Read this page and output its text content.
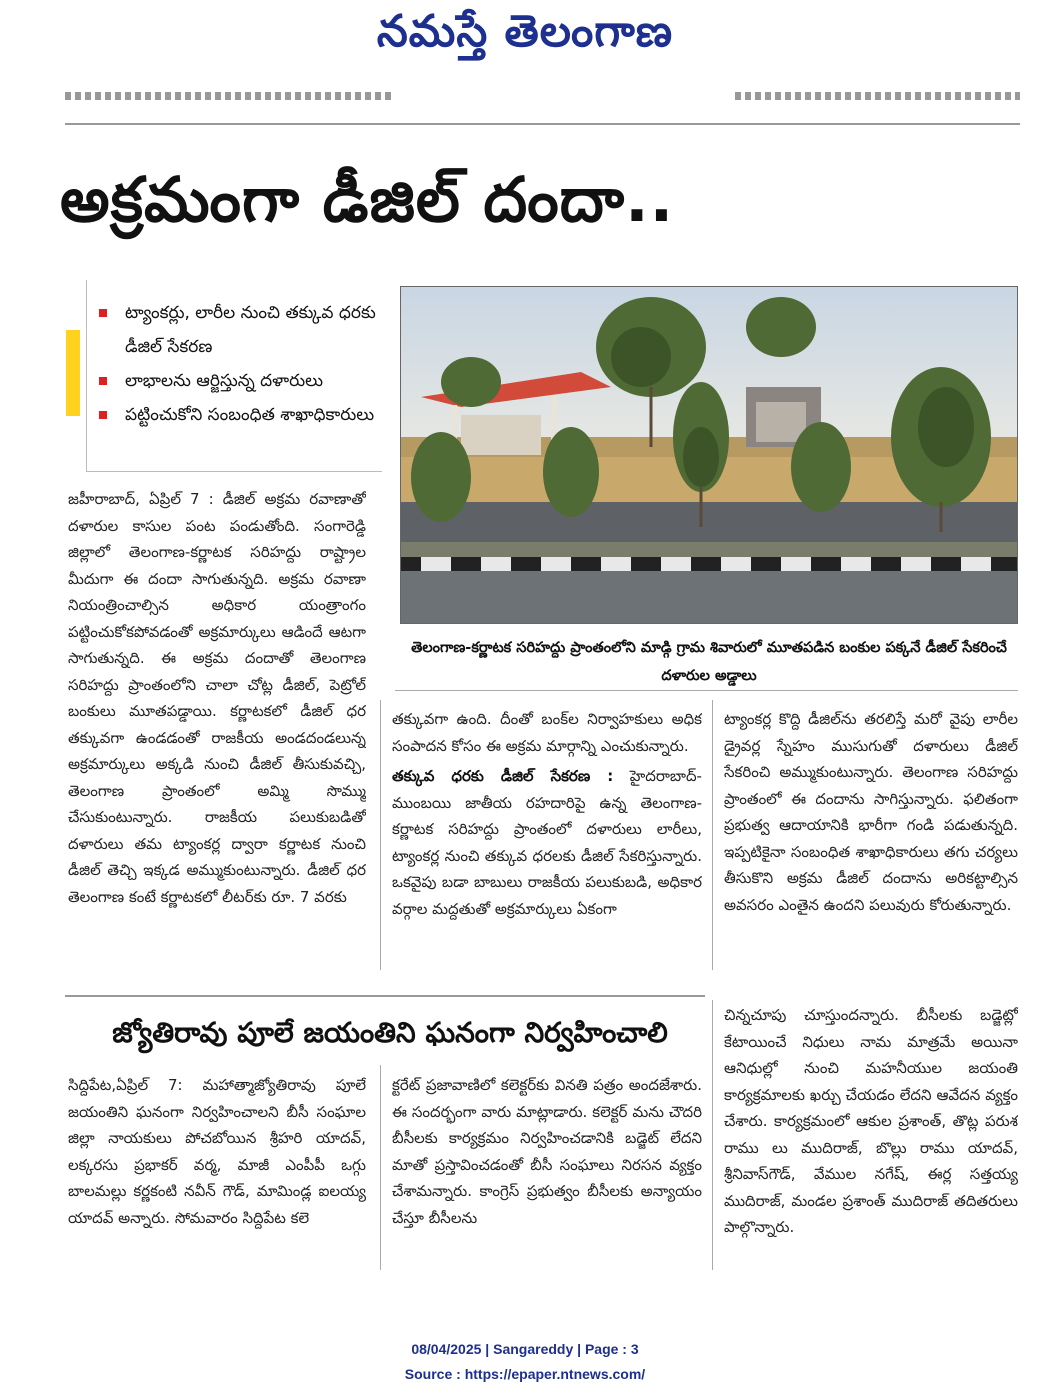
నమస్తే తెలంగాణ
అక్రమంగా డీజిల్ దందా..
ట్యాంకర్లు, లారీల నుంచి తక్కువ ధరకు డీజిల్ సేకరణ
లాభాలను ఆర్జిస్తున్న దళారులు
పట్టించుకోని సంబంధిత శాఖాధికారులు
తెలంగాణ-కర్ణాటక సరిహద్దు ప్రాంతంలోని మాడ్గి గ్రామ శివారులో మూతపడిన బంకుల పక్కనే డీజిల్ సేకరించే దళారుల అడ్డాలు

జహీరాబాద్, ఏప్రిల్ 7 : డీజిల్ అక్రమ రవాణాతో దళారుల కాసుల పంట పండుతోంది. సంగారెడ్డి జిల్లాలో తెలంగాణ-కర్ణాటక సరిహద్దు రాష్ట్రాల మీదుగా ఈ దందా సాగుతున్నది. అక్రమ రవాణా నియంత్రించాల్సిన అధికార యంత్రాంగం పట్టించుకోకపోవడంతో అక్రమార్కులు ఆడిందే ఆటగా సాగుతున్నది. ఈ అక్రమ దందాతో తెలంగాణ సరిహద్దు ప్రాంతంలోని చాలా చోట్ల డీజిల్, పెట్రోల్ బంకులు మూతపడ్డాయి. కర్ణాటకలో డీజిల్ ధర తక్కువగా ఉండడంతో రాజకీయ అండదండలున్న అక్రమార్కులు అక్కడి నుంచి డీజిల్ తీసుకువచ్చి, తెలంగాణ ప్రాంతంలో అమ్మి సొమ్ము చేసుకుంటున్నారు. రాజకీయ పలుకుబడితో దళారులు తమ ట్యాంకర్ల ద్వారా కర్ణాటక నుంచి డీజిల్ తెచ్చి ఇక్కడ అమ్ముకుంటున్నారు. డీజిల్ ధర తెలంగాణ కంటే కర్ణాటకలో లీటర్‌కు రూ. 7 వరకు

తక్కువగా ఉంది. దీంతో బంక్‌ల నిర్వాహకులు అధిక సంపాదన కోసం ఈ అక్రమ మార్గాన్ని ఎంచుకున్నారు.

తక్కువ ధరకు డీజిల్ సేకరణ : హైదరాబాద్-ముంబయి జాతీయ రహదారిపై ఉన్న తెలంగాణ-కర్ణాటక సరిహద్దు ప్రాంతంలో దళారులు లారీలు, ట్యాంకర్ల నుంచి తక్కువ ధరలకు డీజిల్ సేకరిస్తున్నారు. ఒకవైపు బడా బాబులు రాజకీయ పలుకుబడి, అధికార వర్గాల మద్దతుతో అక్రమార్కులు ఏకంగా

ట్యాంకర్ల కొద్ది డీజిల్‌ను తరలిస్తే మరో వైపు లారీల డ్రైవర్ల స్నేహం ముసుగుతో దళారులు డీజిల్ సేకరించి అమ్ముకుంటున్నారు. తెలంగాణ సరిహద్దు ప్రాంతంలో ఈ దందాను సాగిస్తున్నారు. ఫలితంగా ప్రభుత్వ ఆదాయానికి భారీగా గండి పడుతున్నది. ఇప్పటికైనా సంబంధిత శాఖాధికారులు తగు చర్యలు తీసుకొని అక్రమ డీజిల్ దందాను అరికట్టాల్సిన అవసరం ఎంతైన ఉందని పలువురు కోరుతున్నారు.

జ్యోతిరావు పూలే జయంతిని ఘనంగా నిర్వహించాలి

సిద్దిపేట,ఏప్రిల్ 7: మహాత్మాజ్యోతిరావు పూలే జయంతిని ఘనంగా నిర్వహించాలని బీసీ సంఘాల జిల్లా నాయకులు పోచబోయిన శ్రీహరి యాదవ్, లక్కరసు ప్రభాకర్ వర్మ, మాజీ ఎంపీపీ ఒగ్గు బాలమల్లు కర్ణకంటి నవీన్ గౌడ్, మామిండ్ల ఐలయ్య యాదవ్ అన్నారు. సోమవారం సిద్దిపేట కలె

క్టరేట్ ప్రజావాణిలో కలెక్టర్‌కు వినతి పత్రం అందజేశారు. ఈ సందర్భంగా వారు మాట్లాడారు. కలెక్టర్ మను చౌదరి బీసీలకు కార్యక్రమం నిర్వహించడానికి బడ్జెట్ లేదని మాతో ప్రస్తావించడంతో బీసీ సంఘాలు నిరసన వ్యక్తం చేశామన్నారు. కాంగ్రెస్ ప్రభుత్వం బీసీలకు అన్యాయం చేస్తూ బీసీలను

చిన్నచూపు చూస్తుందన్నారు. బీసీలకు బడ్జెట్లో కేటాయించే నిధులు నామ మాత్రమే అయినా ఆనిధుల్లో నుంచి మహనీయుల జయంతి కార్యక్రమాలకు ఖర్చు చేయడం లేదని ఆవేదన వ్యక్తం చేశారు. కార్యక్రమంలో ఆకుల ప్రశాంత్, తొట్ల పరుశ రాము లు ముదిరాజ్, బొల్లు రాము యాదవ్, శ్రీనివాస్‌గౌడ్, వేముల నగేష్, ఈర్ల సత్తయ్య ముదిరాజ్, మండల ప్రశాంత్ ముదిరాజ్ తదితరులు పాల్గొన్నారు.

08/04/2025 | Sangareddy | Page : 3
Source : https://epaper.ntnews.com/
